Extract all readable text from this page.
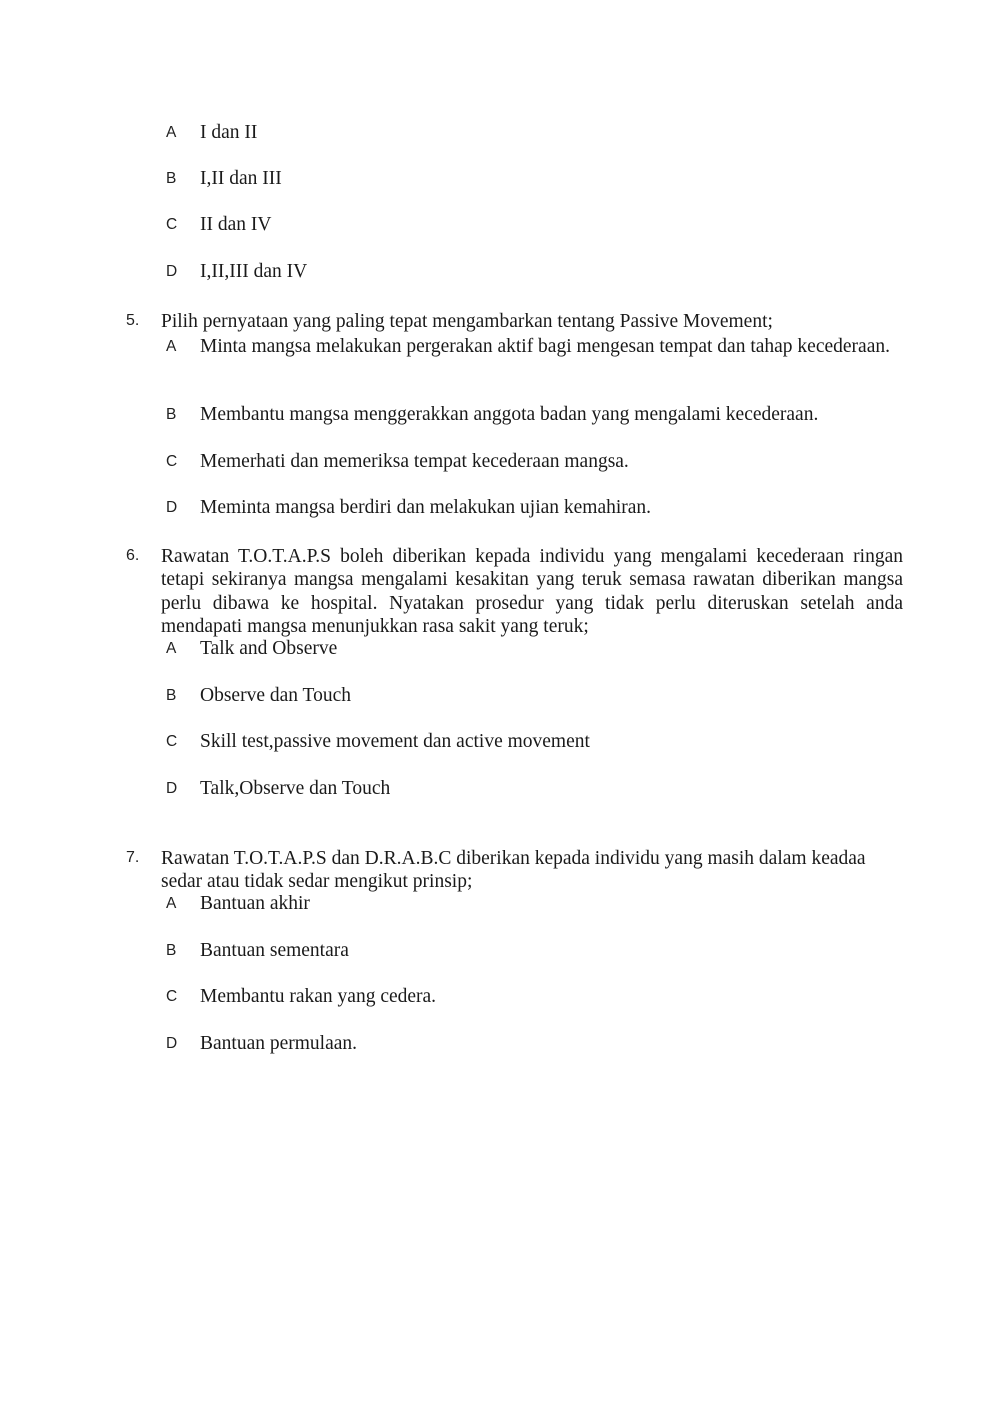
A	I dan II
B	I,II dan III
C	II dan IV
D	I,II,III dan IV
5.	Pilih pernyataan yang paling tepat mengambarkan tentang Passive Movement;
A	Minta mangsa melakukan pergerakan aktif bagi mengesan tempat dan tahap kecederaan.
B	Membantu mangsa menggerakkan anggota badan yang mengalami kecederaan.
C	Memerhati dan memeriksa tempat kecederaan mangsa.
D	Meminta mangsa berdiri dan melakukan ujian kemahiran.
6.	Rawatan T.O.T.A.P.S boleh diberikan kepada individu yang mengalami kecederaan ringan tetapi sekiranya mangsa mengalami kesakitan yang teruk semasa rawatan diberikan mangsa perlu dibawa ke hospital. Nyatakan prosedur yang tidak perlu diteruskan setelah anda mendapati mangsa menunjukkan rasa sakit yang teruk;
A	Talk and Observe
B	Observe dan Touch
C	Skill test,passive movement dan active movement
D	Talk,Observe dan Touch
7.	Rawatan T.O.T.A.P.S dan D.R.A.B.C diberikan kepada individu yang masih dalam keadaa sedar atau tidak sedar mengikut prinsip;
A	Bantuan akhir
B	Bantuan sementara
C	Membantu rakan yang cedera.
D	Bantuan permulaan.
